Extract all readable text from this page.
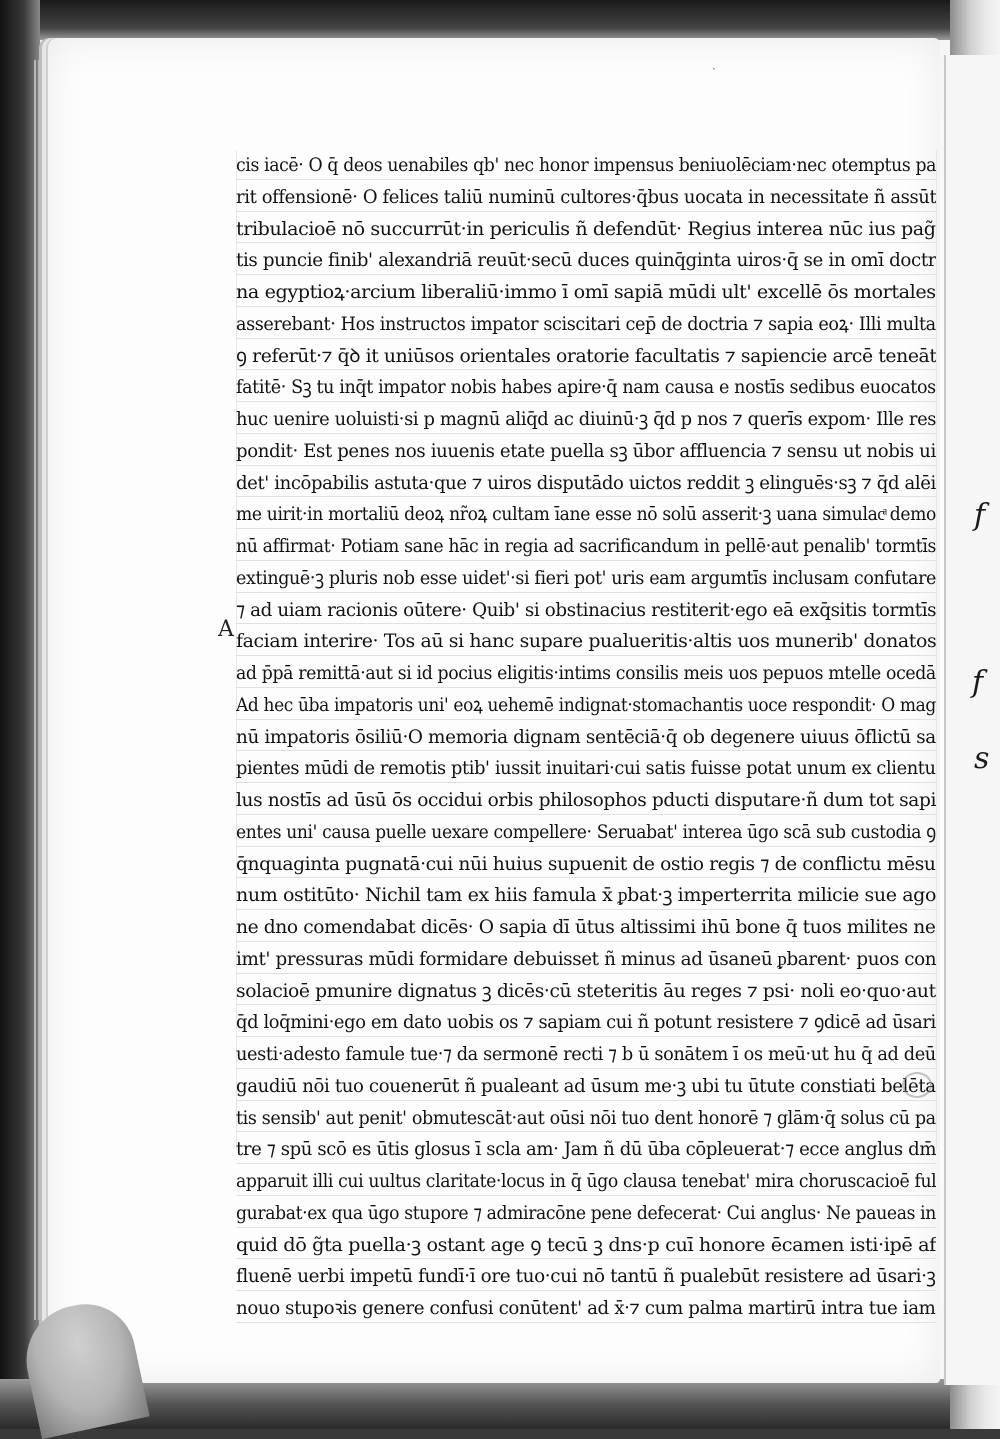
f
f
s
·
cis iacē· O q̄ deos uenabiles qb' nec honor impensus beniuolēciam·nec otemptus pa
rit offensionē· O felices taliū numinū cultores·q̄bus uocata in necessitate ñ assūt
tribulacioē nō succurrūt·in periculis ñ defendūt· Regius interea nūc ius pag̃
tis puncie finib' alexandriā reuūt·secū duces quinq̄ginta uiros·q̄ se in omī doctr
na egyptioꝝ·arcium liberaliū·immo ī omī sapiā mūdi ult' excellē ōs mortales
asserebant· Hos instructos impator sciscitari cep̄ de doctria ⁊ sapia eoꝝ· Illi multa
ꝯ referūt·⁊ q̄ꝺ it uniūsos orientales oratorie facultatis ⁊ sapiencie arcē teneāt
fatitē· Sꝫ tu inq̄t impator nobis habes apire·q̄ nam causa e nostīs sedibus euocatos
huc uenire uoluisti·si p magnū aliq̄d ac diuinū·ꝫ q̄d p nos ⁊ querīs expom· Ille res
pondit· Est penes nos iuuenis etate puella sꝫ ūbor affluencia ⁊ sensu ut nobis ui
det' incōpabilis astuta·que ⁊ uiros disputādo uictos reddit ꝫ elinguēs·sꝫ ⁊ q̄d alēi
me uirit·in mortaliū deoꝝ nr̃oꝝ cultam īane esse nō solū asserit·ꝫ uana simulacͣ demo
nū affirmat· Potiam sane hāc in regia ad sacrificandum in pellē·aut penalib' tormtīs
extinguē·ꝫ pluris nob esse uidet'·si fieri pot' uris eam argumtīs inclusam confutare
⁊ ad uiam racionis oūtere· Quib' si obstinacius restiterit·ego eā exq̄sitis tormtīs
faciam interire· Tos aū si hanc supare pualueritis·altis uos munerib' donatos
ad p̄pā remittā·aut si id pocius eligitis·intims consilis meis uos pepuos mtelle ocedā
Ad hec ūba impatoris uni' eoꝝ uehemē indignat·stomachantis uoce respondit· O mag
nū impatoris ōsiliū·O memoria dignam sentēciā·q̄ ob degenere uiuus ōflictū sa
pientes mūdi de remotis ptib' iussit inuitari·cui satis fuisse potat unum ex clientu
lus nostīs ad ūsū ōs occidui orbis philosophos pducti disputare·ñ dum tot sapi
entes uni' causa puelle uexare compellere· Seruabat' interea ūgo scā sub custodia ꝯ
q̄nquaginta pugnatā·cui nūi huius supuenit de ostio regis ⁊ de conflictu mēsu
num ostitūto· Nichil tam ex hiis famula x̄ ᵱbat·ꝫ imperterrita milicie sue ago
ne dno comendabat dicēs· O sapia dī ūtus altissimi ihū bone q̄ tuos milites ne
imt' pressuras mūdi formidare debuisset ñ minus ad ūsaneū ᵱbarent· puos con
solacioē pmunire dignatus ꝫ dicēs·cū steteritis āu reges ⁊ psi· noli eo·quo·aut
q̄d loq̄mini·ego em dato uobis os ⁊ sapiam cui ñ potunt resistere ⁊ ꝯdicē ad ūsari
uesti·adesto famule tue·⁊ da sermonē recti ⁊ b ū sonātem ī os meū·ut hu q̄ ad deū
gaudiū nōi tuo couenerūt ñ pualeant ad ūsum me·ꝫ ubi tu ūtute constiati belēta
tis sensib' aut penit' obmutescāt·aut oūsi nōi tuo dent honorē ⁊ glām·q̄ solus cū pa
tre ⁊ spū scō es ūtis glosus ī scla am· Jam ñ dū ūba cōpleuerat·⁊ ecce anglus dm̄
apparuit illi cui uultus claritate·locus in q̄ ūgo clausa tenebat' mira choruscacioē ful
gurabat·ex qua ūgo stupore ⁊ admiracōne pene defecerat· Cui anglus· Ne paueas in
quid dō g̃ta puella·ꝫ ostant age ꝯ tecū ꝫ dns·p cuī honore ēcamen isti·ipē af
fluenē uerbi impetū fundī·ī ore tuo·cui nō tantū ñ pualebūt resistere ad ūsari·ꝫ
nouo stupoꝛis genere confusi conūtent' ad x̄·⁊ cum palma martirū intra tue iam
A
